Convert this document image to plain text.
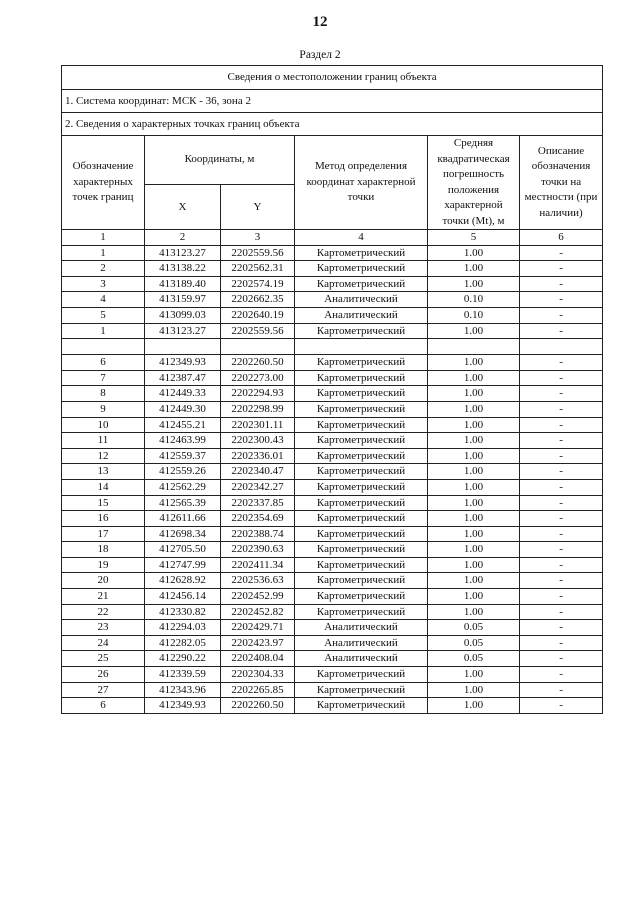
12
Раздел 2
Сведения о местоположении границ объекта					
1. Система координат: МСК - 36, зона 2					
2. Сведения о характерных точках границ объекта					
Обозначение характерных точек границ	Координаты, м		Метод определения координат характерной точки	Средняя квадратическая погрешность положения характерной точки (Mt), м	Описание обозначения точки на местности (при наличии)
	X	Y			
1	2	3	4	5	6
1	413123.27	2202559.56	Картометрический	1.00	-
2	413138.22	2202562.31	Картометрический	1.00	-
3	413189.40	2202574.19	Картометрический	1.00	-
4	413159.97	2202662.35	Аналитический	0.10	-
5	413099.03	2202640.19	Аналитический	0.10	-
1	413123.27	2202559.56	Картометрический	1.00	-

6	412349.93	2202260.50	Картометрический	1.00	-
7	412387.47	2202273.00	Картометрический	1.00	-
8	412449.33	2202294.93	Картометрический	1.00	-
9	412449.30	2202298.99	Картометрический	1.00	-
10	412455.21	2202301.11	Картометрический	1.00	-
11	412463.99	2202300.43	Картометрический	1.00	-
12	412559.37	2202336.01	Картометрический	1.00	-
13	412559.26	2202340.47	Картометрический	1.00	-
14	412562.29	2202342.27	Картометрический	1.00	-
15	412565.39	2202337.85	Картометрический	1.00	-
16	412611.66	2202354.69	Картометрический	1.00	-
17	412698.34	2202388.74	Картометрический	1.00	-
18	412705.50	2202390.63	Картометрический	1.00	-
19	412747.99	2202411.34	Картометрический	1.00	-
20	412628.92	2202536.63	Картометрический	1.00	-
21	412456.14	2202452.99	Картометрический	1.00	-
22	412330.82	2202452.82	Картометрический	1.00	-
23	412294.03	2202429.71	Аналитический	0.05	-
24	412282.05	2202423.97	Аналитический	0.05	-
25	412290.22	2202408.04	Аналитический	0.05	-
26	412339.59	2202304.33	Картометрический	1.00	-
27	412343.96	2202265.85	Картометрический	1.00	-
6	412349.93	2202260.50	Картометрический	1.00	-
